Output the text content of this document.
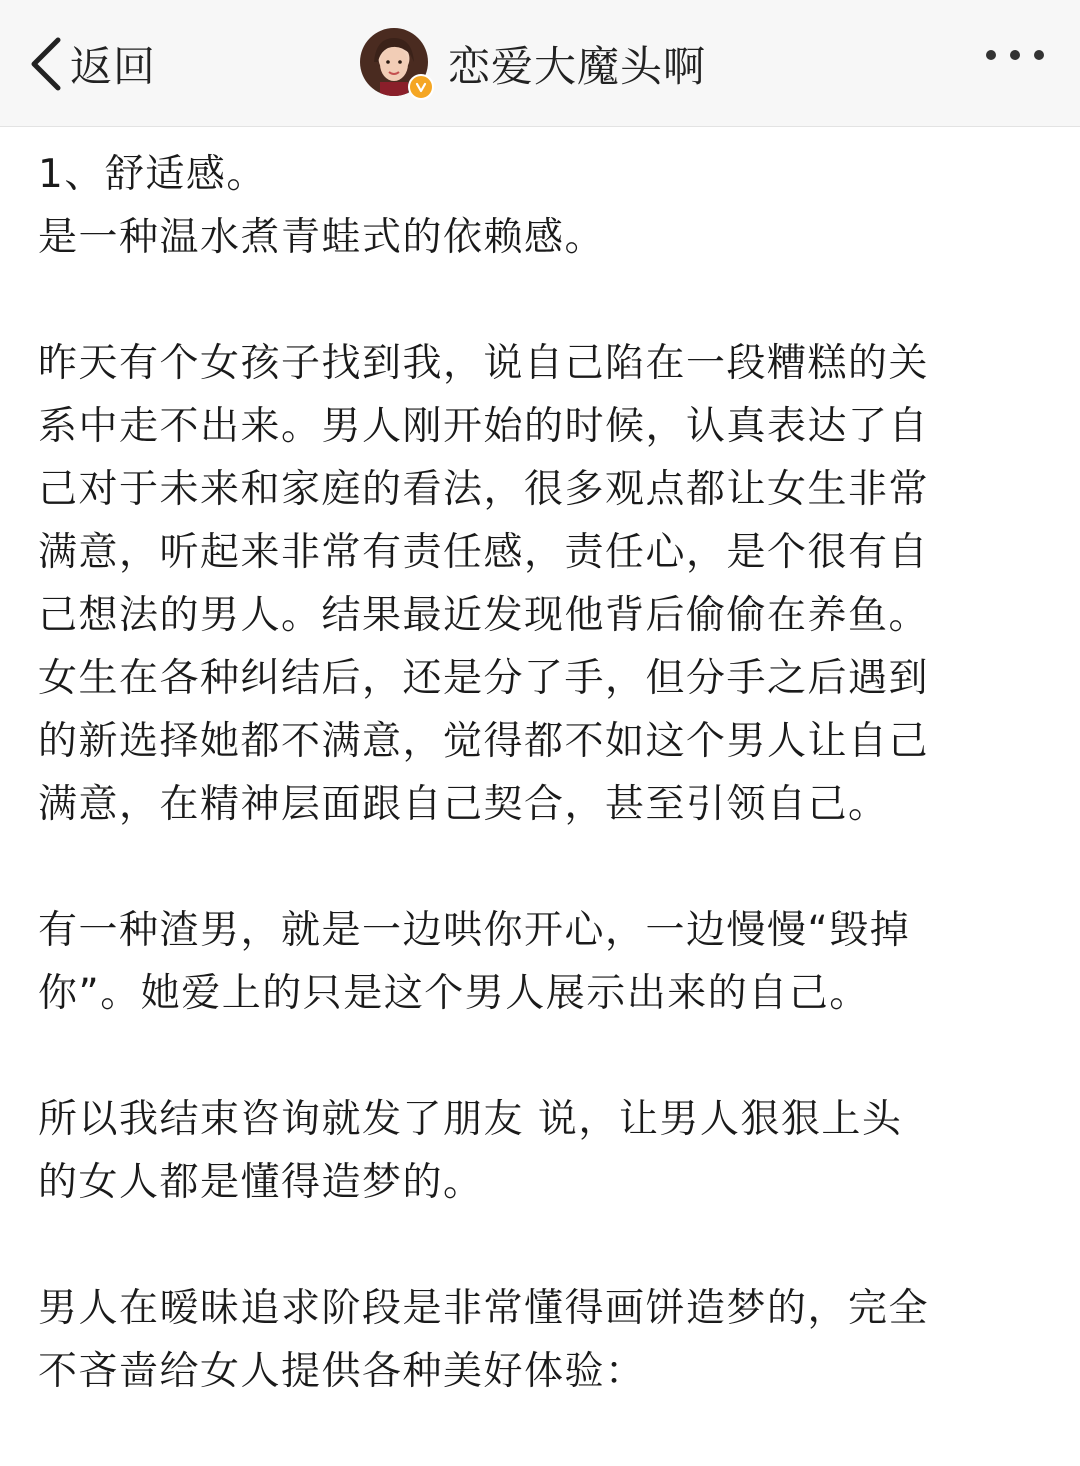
返回	恋爱大魔头啊

1、舒适感。
是一种温水煮青蛙式的依赖感。

昨天有个女孩子找到我，说自己陷在一段糟糕的关
系中走不出来。男人刚开始的时候，认真表达了自
己对于未来和家庭的看法，很多观点都让女生非常
满意，听起来非常有责任感，责任心，是个很有自
己想法的男人。结果最近发现他背后偷偷在养鱼。
女生在各种纠结后，还是分了手，但分手之后遇到
的新选择她都不满意，觉得都不如这个男人让自己
满意，在精神层面跟自己契合，甚至引领自己。

有一种渣男，就是一边哄你开心，一边慢慢“毁掉
你”。她爱上的只是这个男人展示出来的自己。

所以我结束咨询就发了朋友 说，让男人狠狠上头
的女人都是懂得造梦的。

男人在暧昧追求阶段是非常懂得画饼造梦的，完全
不吝啬给女人提供各种美好体验：
